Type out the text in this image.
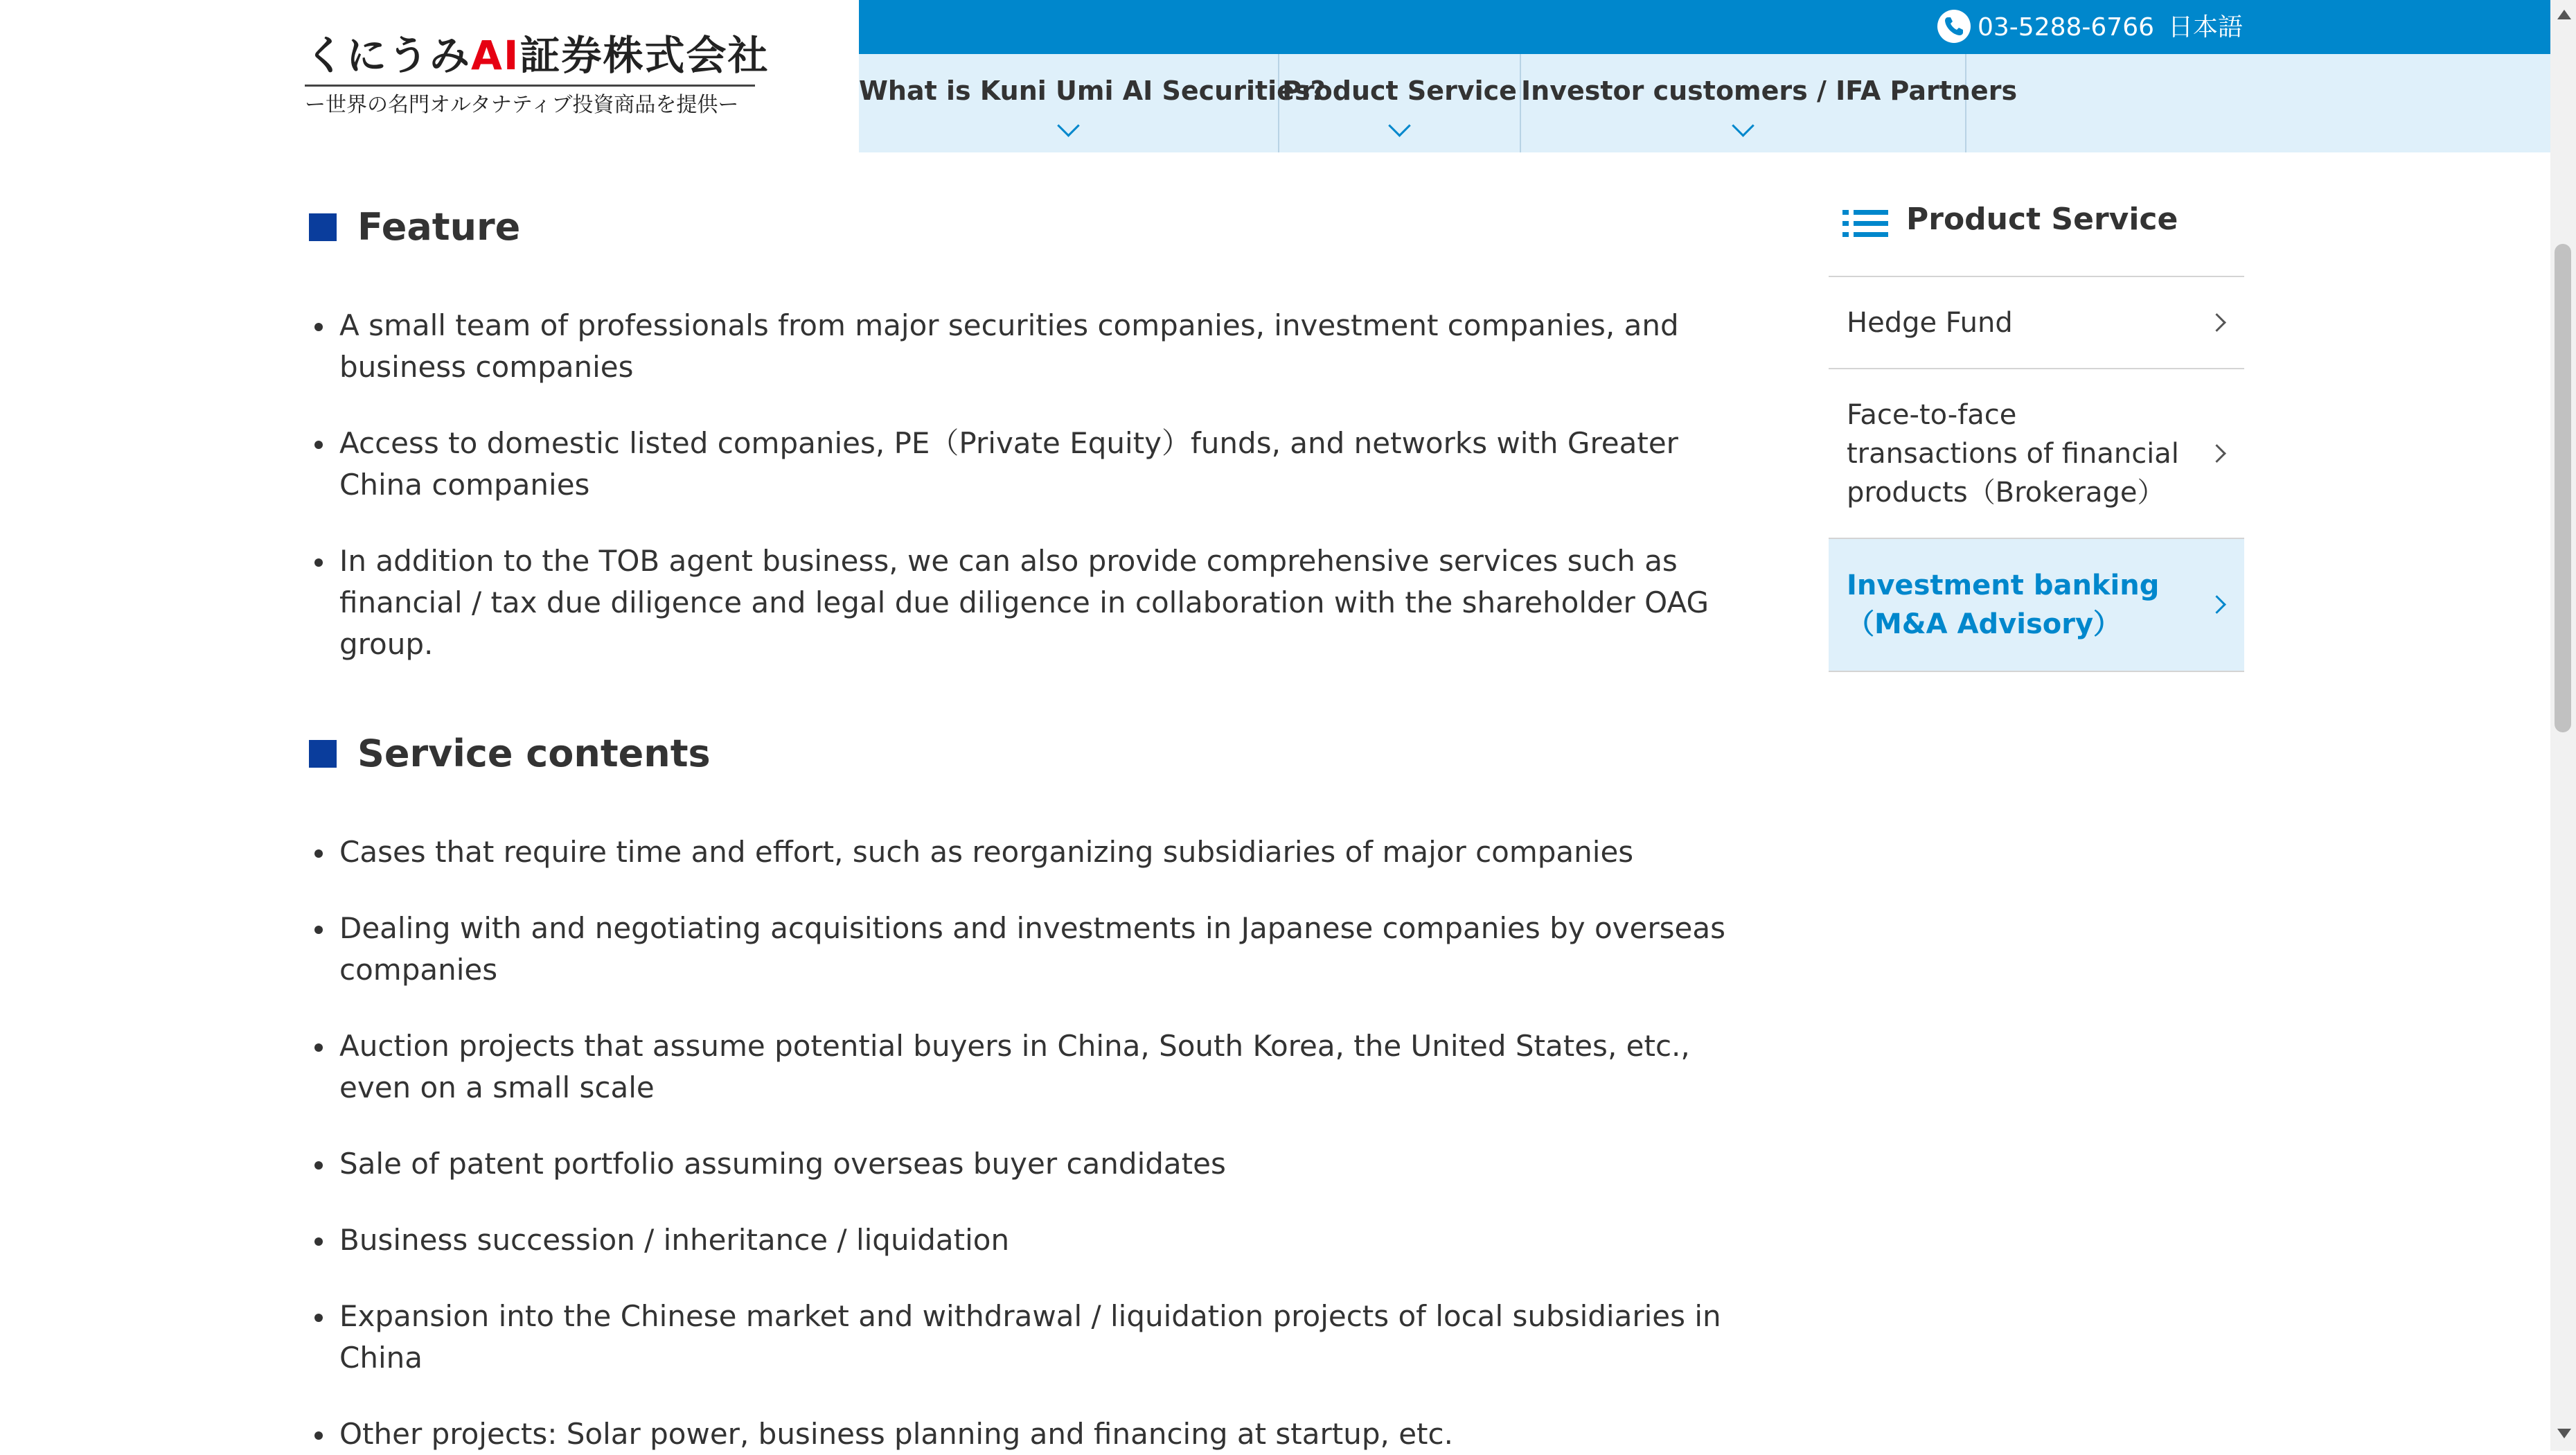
くにうみAI証券株式会社
ー世界の名門オルタナティブ投資商品を提供ー
03-5288-6766 日本語
What is Kuni Umi AI Securities?
Product Service Investor customers / IFA Partners
Feature
A small team of professionals from major securities companies, investment companies, and business companies
Access to domestic listed companies, PE（Private Equity）funds, and networks with Greater China companies
In addition to the TOB agent business, we can also provide comprehensive services such as financial / tax due diligence and legal due diligence in collaboration with the shareholder OAG group.
Service contents
Cases that require time and effort, such as reorganizing subsidiaries of major companies
Dealing with and negotiating acquisitions and investments in Japanese companies by overseas companies
Auction projects that assume potential buyers in China, South Korea, the United States, etc., even on a small scale
Sale of patent portfolio assuming overseas buyer candidates
Business succession / inheritance / liquidation
Expansion into the Chinese market and withdrawal / liquidation projects of local subsidiaries in China
Other projects: Solar power, business planning and financing at startup, etc.
Product Service
Hedge Fund
Face-to-face transactions of financial products（Brokerage）
Investment banking（M&A Advisory）
